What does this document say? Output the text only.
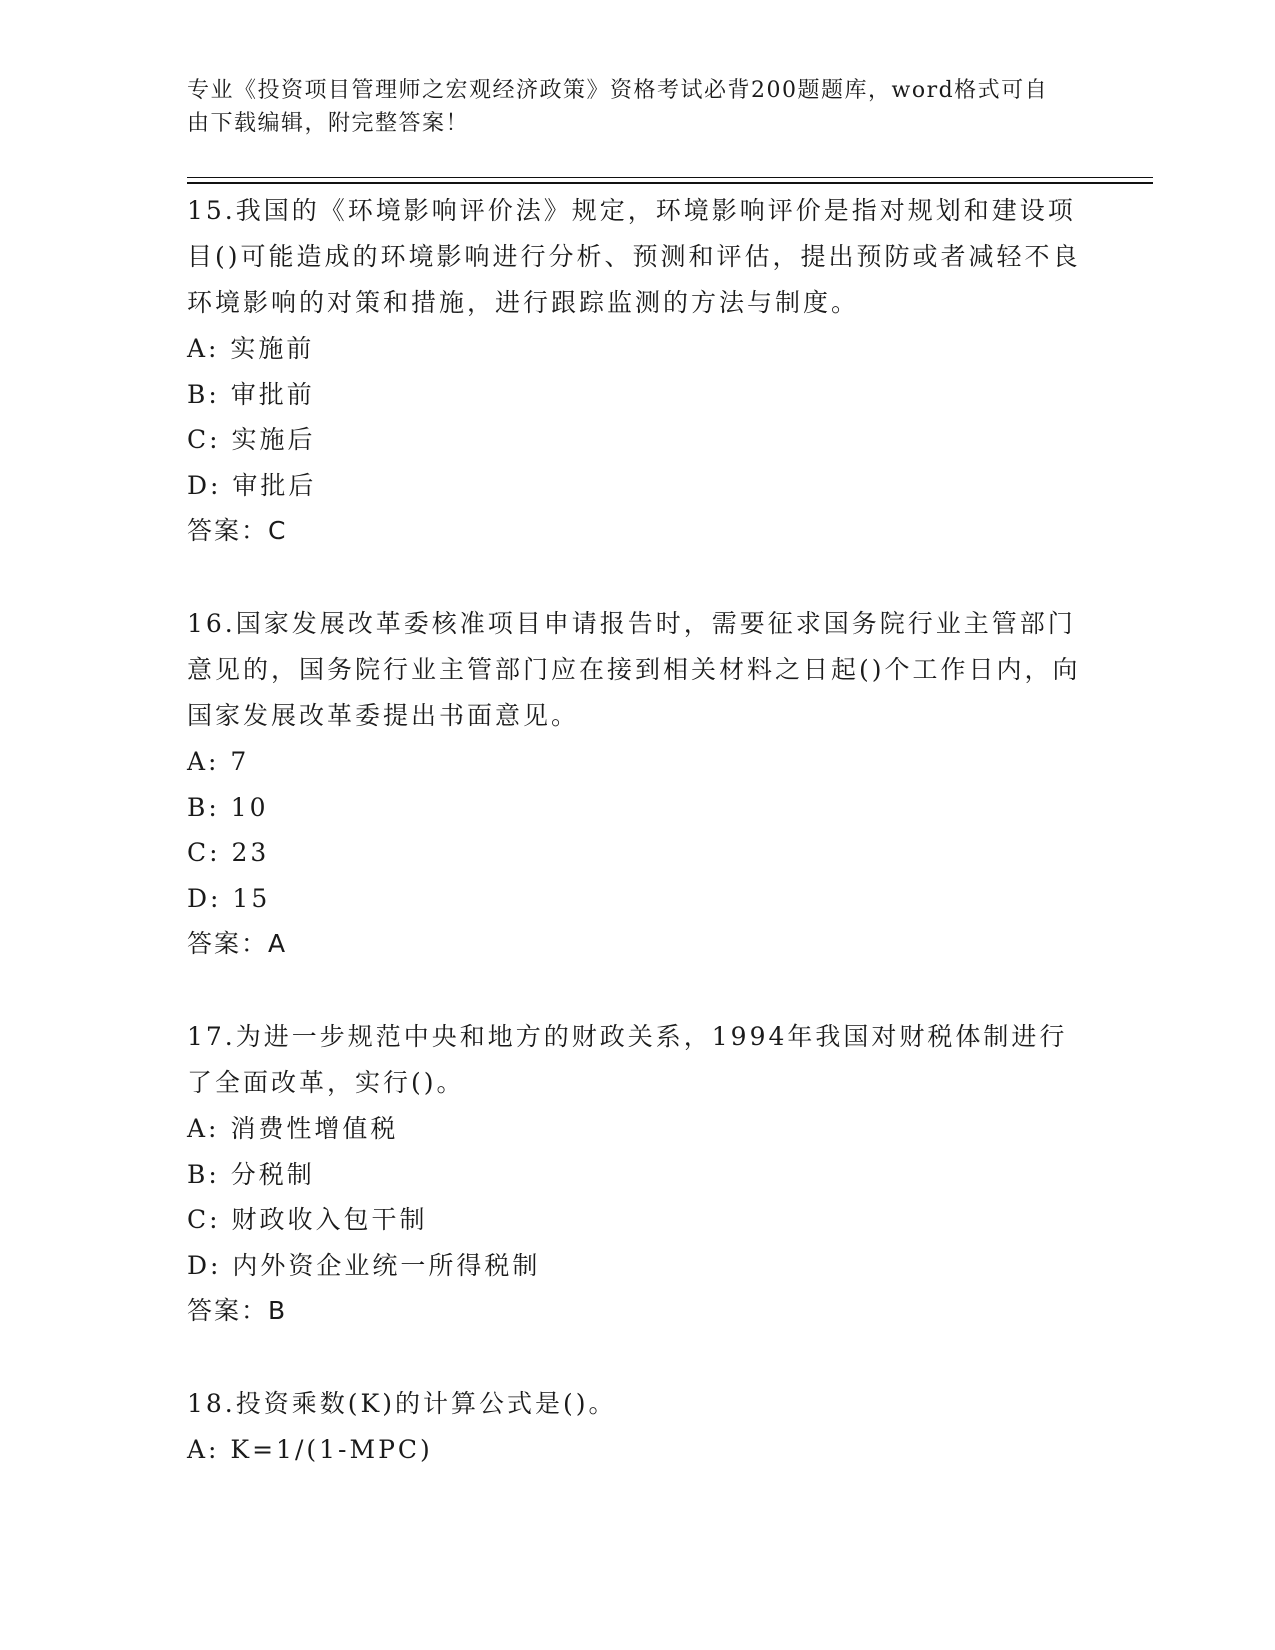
专业《投资项目管理师之宏观经济政策》资格考试必背200题题库，word格式可自由下载编辑，附完整答案！
15.我国的《环境影响评价法》规定，环境影响评价是指对规划和建设项目()可能造成的环境影响进行分析、预测和评估，提出预防或者减轻不良环境影响的对策和措施，进行跟踪监测的方法与制度。
A: 实施前
B: 审批前
C: 实施后
D: 审批后
答案：C
16.国家发展改革委核准项目申请报告时，需要征求国务院行业主管部门意见的，国务院行业主管部门应在接到相关材料之日起()个工作日内，向国家发展改革委提出书面意见。
A: 7
B: 10
C: 23
D: 15
答案：A
17.为进一步规范中央和地方的财政关系，1994年我国对财税体制进行了全面改革，实行()。
A: 消费性增值税
B: 分税制
C: 财政收入包干制
D: 内外资企业统一所得税制
答案：B
18.投资乘数(K)的计算公式是()。
A: K=1/(1-MPC)
